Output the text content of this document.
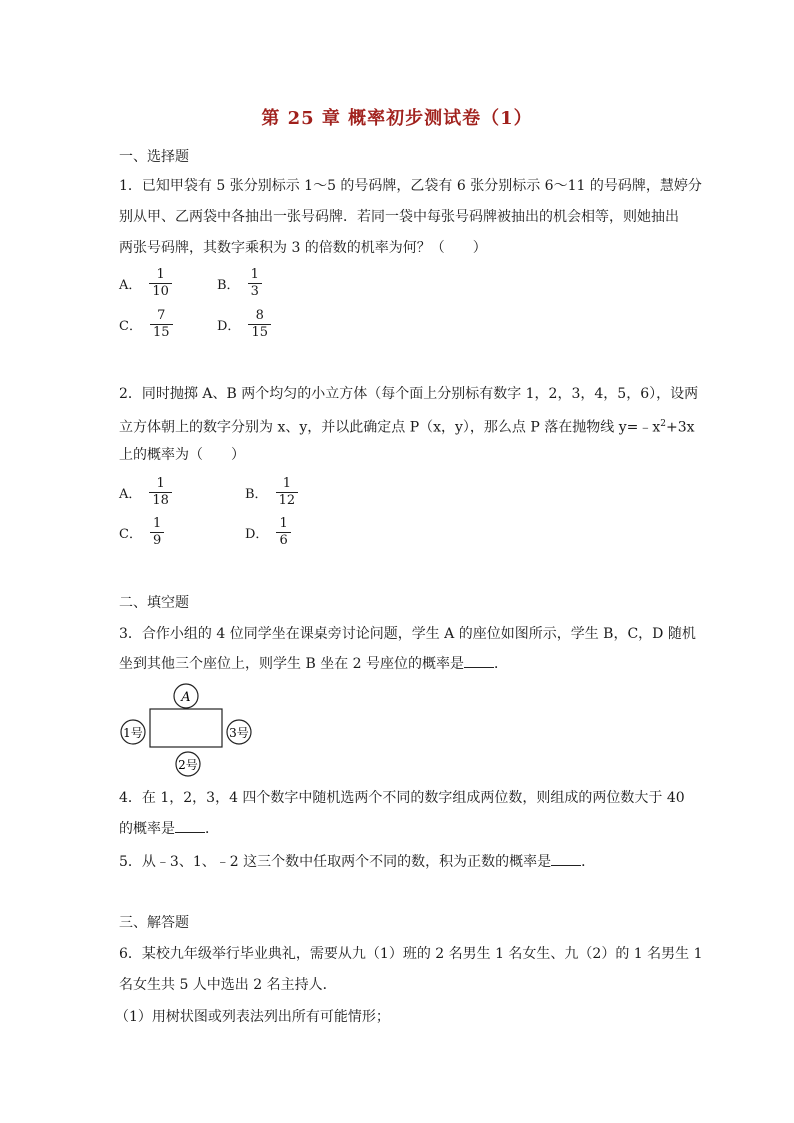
第 25 章 概率初步测试卷（1）
一、选择题
1．已知甲袋有 5 张分别标示 1～5 的号码牌，乙袋有 6 张分别标示 6～11 的号码牌，慧婷分
别从甲、乙两袋中各抽出一张号码牌．若同一袋中每张号码牌被抽出的机会相等，则她抽出
两张号码牌，其数字乘积为 3 的倍数的机率为何？（　　）
A． $\frac{1}{10}$	B． $\frac{1}{3}$
C． $\frac{7}{15}$	D． $\frac{8}{15}$
2．同时抛掷 A、B 两个均匀的小立方体（每个面上分别标有数字 1，2，3，4，5，6），设两
立方体朝上的数字分别为 x、y，并以此确定点 P（x，y），那么点 P 落在抛物线 $y=﹣x^2+3x$
上的概率为（　　）
A． $\frac{1}{18}$	B． $\frac{1}{12}$
C． $\frac{1}{9}$	D． $\frac{1}{6}$
二、填空题
3．合作小组的 4 位同学坐在课桌旁讨论问题，学生 A 的座位如图所示，学生 B，C，D 随机
坐到其他三个座位上，则学生 B 坐在 2 号座位的概率是 ．
A
1号	3号
2号
4．在 1，2，3，4 四个数字中随机选两个不同的数字组成两位数，则组成的两位数大于 40
的概率是 ．
5．从﹣3、1、﹣2 这三个数中任取两个不同的数，积为正数的概率是 ．
三、解答题
6．某校九年级举行毕业典礼，需要从九（1）班的 2 名男生 1 名女生、九（2）的 1 名男生 1
名女生共 5 人中选出 2 名主持人．
（1）用树状图或列表法列出所有可能情形；
